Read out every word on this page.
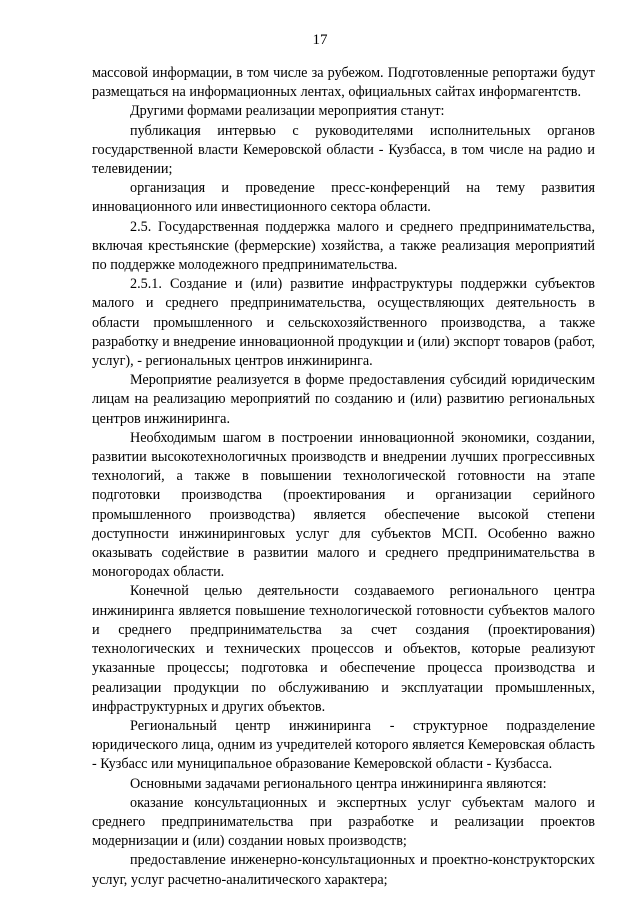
17

массовой информации, в том числе за рубежом. Подготовленные репортажи будут размещаться на информационных лентах, официальных сайтах информагентств.

Другими формами реализации мероприятия станут:

публикация интервью с руководителями исполнительных органов государственной власти Кемеровской области - Кузбасса, в том числе на радио и телевидении;

организация и проведение пресс-конференций на тему развития инновационного или инвестиционного сектора области.

2.5. Государственная поддержка малого и среднего предпринимательства, включая крестьянские (фермерские) хозяйства, а также реализация мероприятий по поддержке молодежного предпринимательства.

2.5.1. Создание и (или) развитие инфраструктуры поддержки субъектов малого и среднего предпринимательства, осуществляющих деятельность в области промышленного и сельскохозяйственного производства, а также разработку и внедрение инновационной продукции и (или) экспорт товаров (работ, услуг), - региональных центров инжиниринга.

Мероприятие реализуется в форме предоставления субсидий юридическим лицам на реализацию мероприятий по созданию и (или) развитию региональных центров инжиниринга.

Необходимым шагом в построении инновационной экономики, создании, развитии высокотехнологичных производств и внедрении лучших прогрессивных технологий, а также в повышении технологической готовности на этапе подготовки производства (проектирования и организации серийного промышленного производства) является обеспечение высокой степени доступности инжиниринговых услуг для субъектов МСП. Особенно важно оказывать содействие в развитии малого и среднего предпринимательства в моногородах области.

Конечной целью деятельности создаваемого регионального центра инжиниринга является повышение технологической готовности субъектов малого и среднего предпринимательства за счет создания (проектирования) технологических и технических процессов и объектов, которые реализуют указанные процессы; подготовка и обеспечение процесса производства и реализации продукции по обслуживанию и эксплуатации промышленных, инфраструктурных и других объектов.

Региональный центр инжиниринга - структурное подразделение юридического лица, одним из учредителей которого является Кемеровская область - Кузбасс или муниципальное образование Кемеровской области - Кузбасса.

Основными задачами регионального центра инжиниринга являются:

оказание консультационных и экспертных услуг субъектам малого и среднего предпринимательства при разработке и реализации проектов модернизации и (или) создании новых производств;

предоставление инженерно-консультационных и проектно-конструкторских услуг, услуг расчетно-аналитического характера;
